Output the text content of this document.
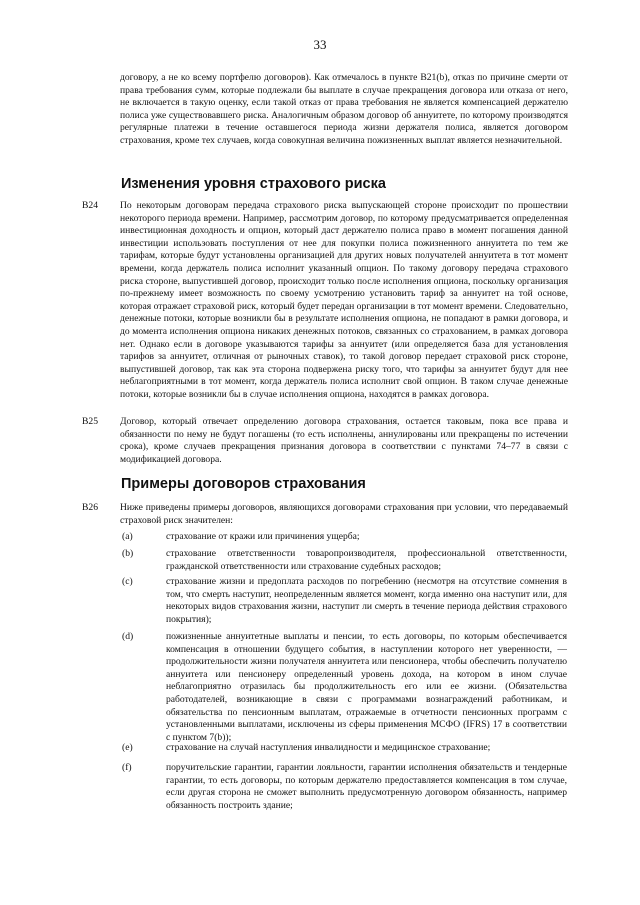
33

договору, а не ко всему портфелю договоров). Как отмечалось в пункте B21(b), отказ по причине смерти от права требования сумм, которые подлежали бы выплате в случае прекращения договора или отказа от него, не включается в такую оценку, если такой отказ от права требования не является компенсацией держателю полиса уже существовавшего риска. Аналогичным образом договор об аннуитете, по которому производятся регулярные платежи в течение оставшегося периода жизни держателя полиса, является договором страхования, кроме тех случаев, когда совокупная величина пожизненных выплат является незначительной.

Изменения уровня страхового риска
B24 По некоторым договорам передача страхового риска выпускающей стороне происходит по прошествии некоторого периода времени. Например, рассмотрим договор, по которому предусматривается определенная инвестиционная доходность и опцион, который даст держателю полиса право в момент погашения данной инвестиции использовать поступления от нее для покупки полиса пожизненного аннуитета по тем же тарифам, которые будут установлены организацией для других новых получателей аннуитета в тот момент времени, когда держатель полиса исполнит указанный опцион. По такому договору передача страхового риска стороне, выпустившей договор, происходит только после исполнения опциона, поскольку организация по-прежнему имеет возможность по своему усмотрению установить тариф за аннуитет на той основе, которая отражает страховой риск, который будет передан организации в тот момент времени. Следовательно, денежные потоки, которые возникли бы в результате исполнения опциона, не попадают в рамки договора, и до момента исполнения опциона никаких денежных потоков, связанных со страхованием, в рамках договора нет. Однако если в договоре указываются тарифы за аннуитет (или определяется база для установления тарифов за аннуитет, отличная от рыночных ставок), то такой договор передает страховой риск стороне, выпустившей договор, так как эта сторона подвержена риску того, что тарифы за аннуитет будут для нее неблагоприятными в тот момент, когда держатель полиса исполнит свой опцион. В таком случае денежные потоки, которые возникли бы в случае исполнения опциона, находятся в рамках договора.

B25 Договор, который отвечает определению договора страхования, остается таковым, пока все права и обязанности по нему не будут погашены (то есть исполнены, аннулированы или прекращены по истечении срока), кроме случаев прекращения признания договора в соответствии с пунктами 74–77 в связи с модификацией договора.

Примеры договоров страхования
B26 Ниже приведены примеры договоров, являющихся договорами страхования при условии, что передаваемый страховой риск значителен:

(a)	страхование от кражи или причинения ущерба;

(b)	страхование ответственности товаропроизводителя, профессиональной ответственности, гражданской ответственности или страхование судебных расходов;

(c)	страхование жизни и предоплата расходов по погребению (несмотря на отсутствие сомнения в том, что смерть наступит, неопределенным является момент, когда именно она наступит или, для некоторых видов страхования жизни, наступит ли смерть в течение периода действия страхового покрытия);

(d)	пожизненные аннуитетные выплаты и пенсии, то есть договоры, по которым обеспечивается компенсация в отношении будущего события, в наступлении которого нет уверенности, — продолжительности жизни получателя аннуитета или пенсионера, чтобы обеспечить получателю аннуитета или пенсионеру определенный уровень дохода, на котором в ином случае неблагоприятно отразилась бы продолжительность его или ее жизни. (Обязательства работодателей, возникающие в связи с программами вознаграждений работникам, и обязательства по пенсионным выплатам, отражаемые в отчетности пенсионных программ с установленными выплатами, исключены из сферы применения МСФО (IFRS) 17 в соответствии с пунктом 7(b));

(e)	страхование на случай наступления инвалидности и медицинское страхование;

(f)	поручительские гарантии, гарантии лояльности, гарантии исполнения обязательств и тендерные гарантии, то есть договоры, по которым держателю предоставляется компенсация в том случае, если другая сторона не сможет выполнить предусмотренную договором обязанность, например обязанность построить здание;
